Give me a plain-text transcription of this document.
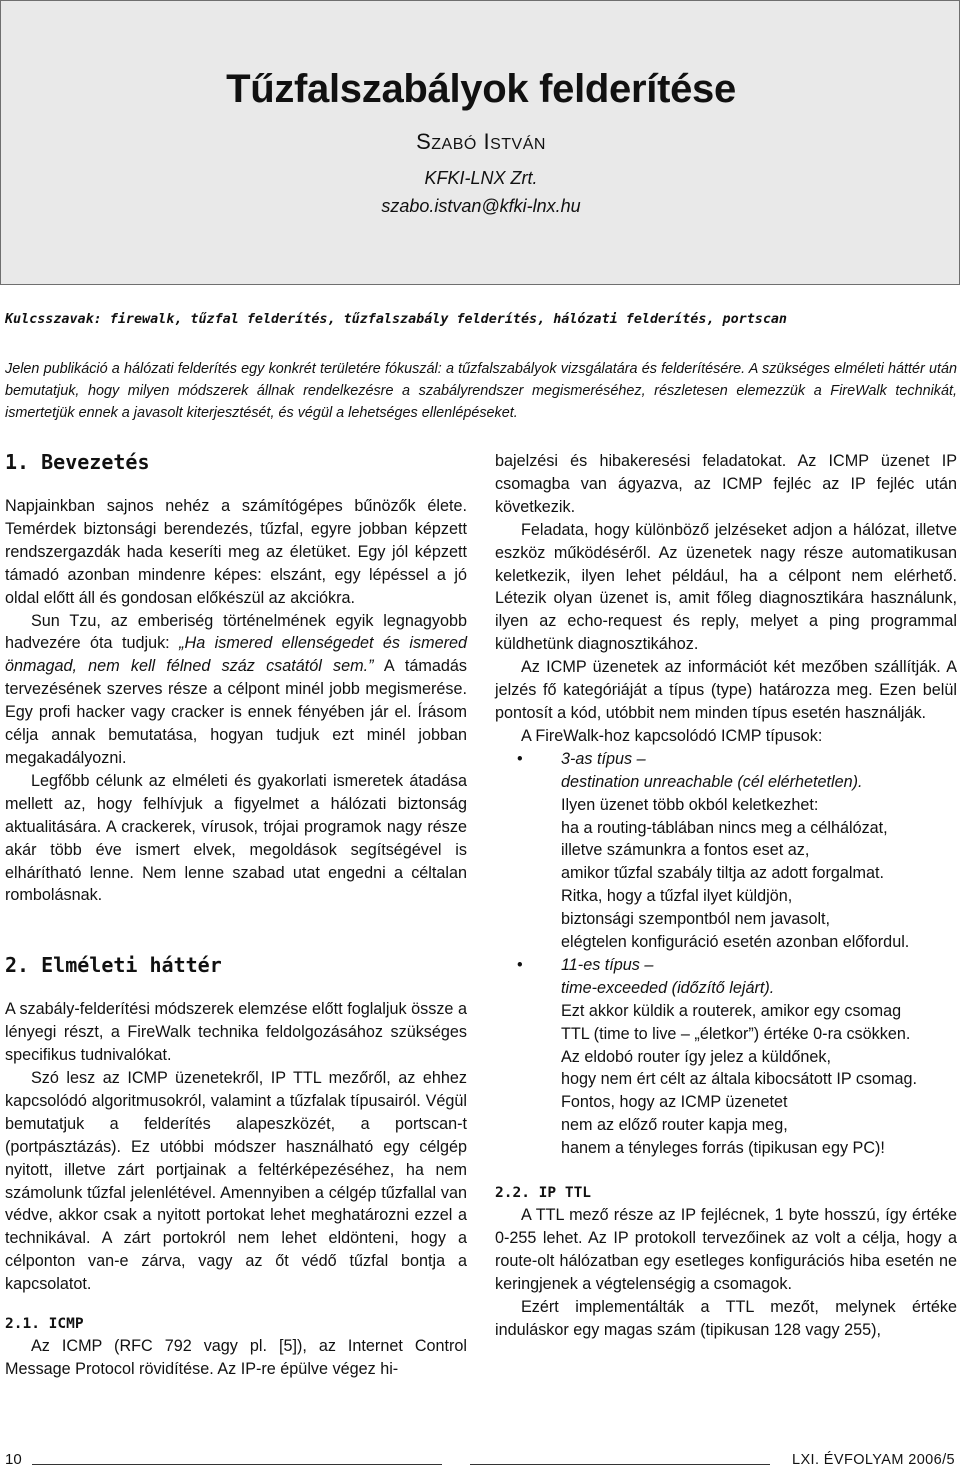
Tűzfalszabályok felderítése
SZABÓ ISTVÁN
KFKI-LNX Zrt.
szabo.istvan@kfki-lnx.hu
Kulcsszavak: firewalk, tűzfal felderítés, tűzfalszabály felderítés, hálózati felderítés, portscan
Jelen publikáció a hálózati felderítés egy konkrét területére fókuszál: a tűzfalszabályok vizsgálatára és felderítésére. A szükséges elméleti háttér után bemutatjuk, hogy milyen módszerek állnak rendelkezésre a szabályrendszer megismeréséhez, részletesen elemezzük a FireWalk technikát, ismertetjük ennek a javasolt kiterjesztését, és végül a lehetséges ellenlépéseket.
1. Bevezetés
Napjainkban sajnos nehéz a számítógépes bűnözők élete. Temérdek biztonsági berendezés, tűzfal, egyre jobban képzett rendszergazdák hada keseríti meg az életüket. Egy jól képzett támadó azonban mindenre képes: elszánt, egy lépéssel a jó oldal előtt áll és gondosan előkészül az akciókra.
Sun Tzu, az emberiség történelmének egyik legnagyobb hadvezére óta tudjuk: „Ha ismered ellenségedet és ismered önmagad, nem kell félned száz csatától sem.” A támadás tervezésének szerves része a célpont minél jobb megismerése. Egy profi hacker vagy cracker is ennek fényében jár el. Írásom célja annak bemutatása, hogyan tudjuk ezt minél jobban megakadályozni.
Legfőbb célunk az elméleti és gyakorlati ismeretek átadása mellett az, hogy felhívjuk a figyelmet a hálózati biztonság aktualitására. A crackerek, vírusok, trójai programok nagy része akár több éve ismert elvek, megoldások segítségével is elhárítható lenne. Nem lenne szabad utat engedni a céltalan rombolásnak.
2. Elméleti háttér
A szabály-felderítési módszerek elemzése előtt foglaljuk össze a lényegi részt, a FireWalk technika feldolgozásához szükséges specifikus tudnivalókat.
Szó lesz az ICMP üzenetekről, IP TTL mezőről, az ehhez kapcsolódó algoritmusokról, valamint a tűzfalak típusairól. Végül bemutatjuk a felderítés alapeszközét, a portscan-t (portpásztázás). Ez utóbbi módszer használható egy célgép nyitott, illetve zárt portjainak a feltérképezéséhez, ha nem számolunk tűzfal jelenlétével. Amennyiben a célgép tűzfallal van védve, akkor csak a nyitott portokat lehet meghatározni ezzel a technikával. A zárt portokról nem lehet eldönteni, hogy a célponton van-e zárva, vagy az őt védő tűzfal bontja a kapcsolatot.
2.1. ICMP
Az ICMP (RFC 792 vagy pl. [5]), az Internet Control Message Protocol rövidítése. Az IP-re épülve végez hi-
bajelzési és hibakeresési feladatokat. Az ICMP üzenet IP csomagba van ágyazva, az ICMP fejléc az IP fejléc után következik.
Feladata, hogy különböző jelzéseket adjon a hálózat, illetve eszköz működéséről. Az üzenetek nagy része automatikusan keletkezik, ilyen lehet például, ha a célpont nem elérhető. Létezik olyan üzenet is, amit főleg diagnosztikára használunk, ilyen az echo-request és reply, melyet a ping programmal küldhetünk diagnosztikához.
Az ICMP üzenetek az információt két mezőben szállítják. A jelzés fő kategóriáját a típus (type) határozza meg. Ezen belül pontosít a kód, utóbbit nem minden típus esetén használják.
A FireWalk-hoz kapcsolódó ICMP típusok:
•	3-as típus –
destination unreachable (cél elérhetetlen).
Ilyen üzenet több okból keletkezhet:
ha a routing-táblában nincs meg a célhálózat,
illetve számunkra a fontos eset az,
amikor tűzfal szabály tiltja az adott forgalmat.
Ritka, hogy a tűzfal ilyet küldjön,
biztonsági szempontból nem javasolt,
elégtelen konfiguráció esetén azonban előfordul.
•	11-es típus –
time-exceeded (időzítő lejárt).
Ezt akkor küldik a routerek, amikor egy csomag
TTL (time to live – „életkor”) értéke 0-ra csökken.
Az eldobó router így jelez a küldőnek,
hogy nem ért célt az általa kibocsátott IP csomag.
Fontos, hogy az ICMP üzenetet
nem az előző router kapja meg,
hanem a tényleges forrás (tipikusan egy PC)!
2.2. IP TTL
A TTL mező része az IP fejlécnek, 1 byte hosszú, így értéke 0-255 lehet. Az IP protokoll tervezőinek az volt a célja, hogy a route-olt hálózatban egy esetleges konfigurációs hiba esetén ne keringjenek a végtelenségig a csomagok.
Ezért implementálták a TTL mezőt, melynek értéke induláskor egy magas szám (tipikusan 128 vagy 255),
10	LXI. ÉVFOLYAM 2006/5
